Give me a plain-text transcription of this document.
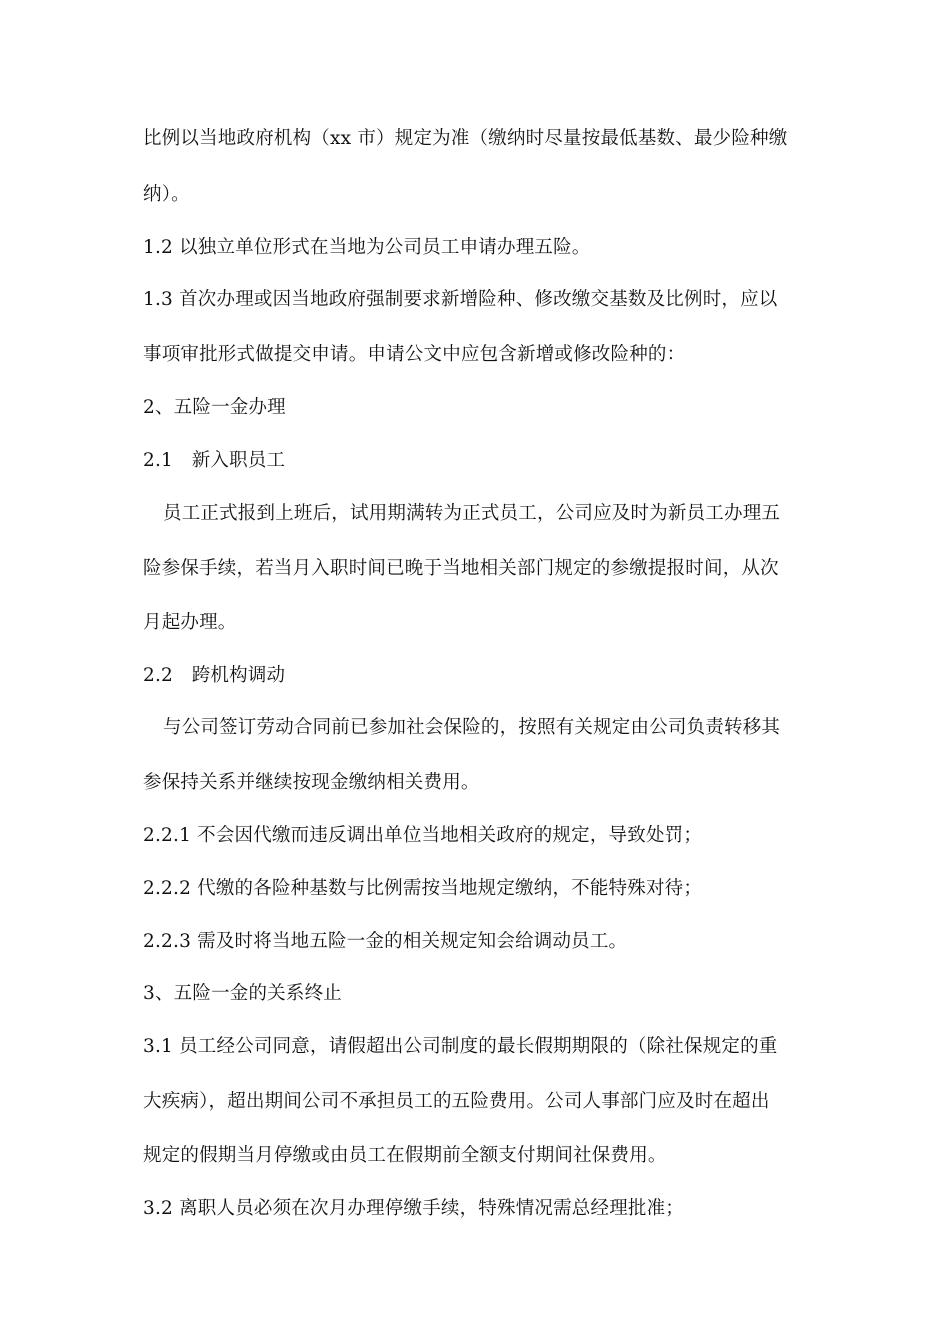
比例以当地政府机构（xx 市）规定为准（缴纳时尽量按最低基数、最少险种缴
纳）。
1.2 以独立单位形式在当地为公司员工申请办理五险。
1.3 首次办理或因当地政府强制要求新增险种、修改缴交基数及比例时，应以
事项审批形式做提交申请。申请公文中应包含新增或修改险种的：
2、五险一金办理
2.1　新入职员工
员工正式报到上班后，试用期满转为正式员工，公司应及时为新员工办理五
险参保手续，若当月入职时间已晚于当地相关部门规定的参缴提报时间，从次
月起办理。
2.2　跨机构调动
与公司签订劳动合同前已参加社会保险的，按照有关规定由公司负责转移其
参保持关系并继续按现金缴纳相关费用。
2.2.1 不会因代缴而违反调出单位当地相关政府的规定，导致处罚；
2.2.2 代缴的各险种基数与比例需按当地规定缴纳，不能特殊对待；
2.2.3 需及时将当地五险一金的相关规定知会给调动员工。
3、五险一金的关系终止
3.1 员工经公司同意，请假超出公司制度的最长假期期限的（除社保规定的重
大疾病），超出期间公司不承担员工的五险费用。公司人事部门应及时在超出
规定的假期当月停缴或由员工在假期前全额支付期间社保费用。
3.2 离职人员必须在次月办理停缴手续，特殊情况需总经理批准；
